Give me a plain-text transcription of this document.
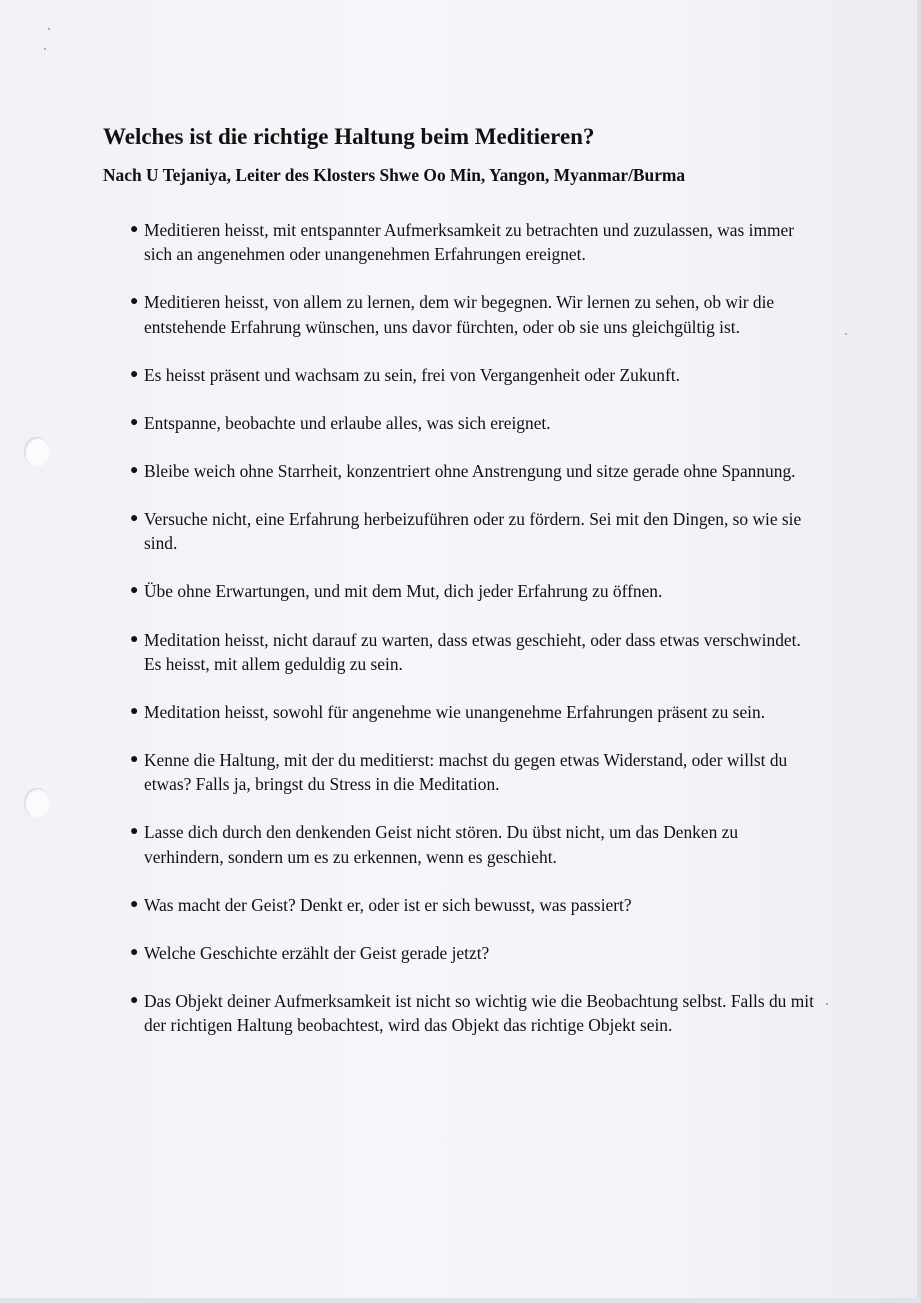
Welches ist die richtige Haltung beim Meditieren?

Nach U Tejaniya, Leiter des Klosters Shwe Oo Min, Yangon, Myanmar/Burma

● Meditieren heisst, mit entspannter Aufmerksamkeit zu betrachten und zuzulassen, was immer sich an angenehmen oder unangenehmen Erfahrungen ereignet.
● Meditieren heisst, von allem zu lernen, dem wir begegnen. Wir lernen zu sehen, ob wir die entstehende Erfahrung wünschen, uns davor fürchten, oder ob sie uns gleichgültig ist.
● Es heisst präsent und wachsam zu sein, frei von Vergangenheit oder Zukunft.
● Entspanne, beobachte und erlaube alles, was sich ereignet.
● Bleibe weich ohne Starrheit, konzentriert ohne Anstrengung und sitze gerade ohne Spannung.
● Versuche nicht, eine Erfahrung herbeizuführen oder zu fördern. Sei mit den Dingen, so wie sie sind.
● Übe ohne Erwartungen, und mit dem Mut, dich jeder Erfahrung zu öffnen.
● Meditation heisst, nicht darauf zu warten, dass etwas geschieht, oder dass etwas verschwindet. Es heisst, mit allem geduldig zu sein.
● Meditation heisst, sowohl für angenehme wie unangenehme Erfahrungen präsent zu sein.
● Kenne die Haltung, mit der du meditierst: machst du gegen etwas Widerstand, oder willst du etwas? Falls ja, bringst du Stress in die Meditation.
● Lasse dich durch den denkenden Geist nicht stören. Du übst nicht, um das Denken zu verhindern, sondern um es zu erkennen, wenn es geschieht.
● Was macht der Geist? Denkt er, oder ist er sich bewusst, was passiert?
● Welche Geschichte erzählt der Geist gerade jetzt?
● Das Objekt deiner Aufmerksamkeit ist nicht so wichtig wie die Beobachtung selbst. Falls du mit der richtigen Haltung beobachtest, wird das Objekt das richtige Objekt sein.
